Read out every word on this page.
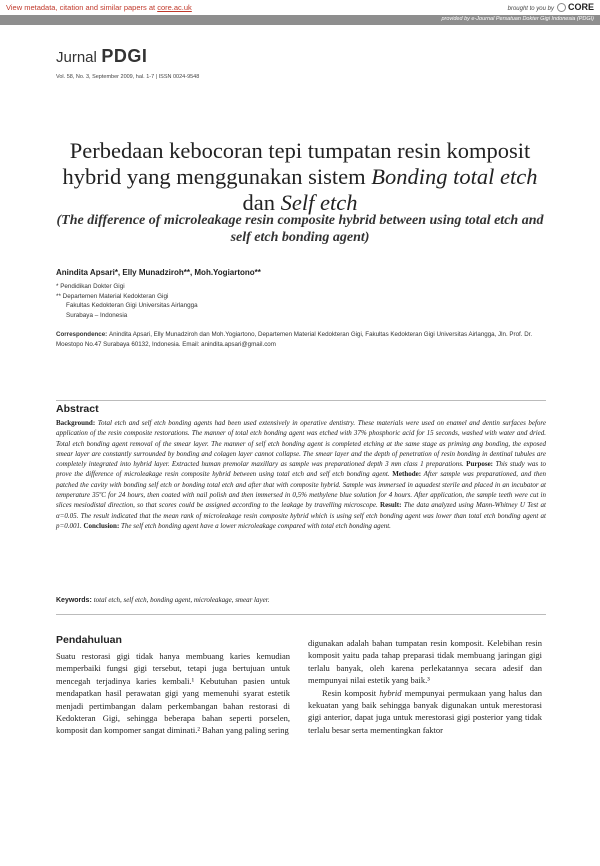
View metadata, citation and similar papers at core.ac.uk	brought to you by CORE
provided by e-Journal Persatuan Dokter Gigi Indonesia (PDGI)
Jurnal PDGI
Vol. 58, No. 3, September 2009, hal. 1-7 | ISSN 0024-9548
Perbedaan kebocoran tepi tumpatan resin komposit
hybrid yang menggunakan sistem Bonding total etch
dan Self etch
(The difference of microleakage resin composite hybrid between using total etch and self etch bonding agent)
Anindita Apsari*, Elly Munadziroh**, Moh.Yogiartono**
* Pendidikan Dokter Gigi
** Departemen Material Kedokteran Gigi
Fakultas Kedokteran Gigi Universitas Airlangga
Surabaya – Indonesia
Correspondence: Anindita Apsari, Elly Munadziroh dan Moh.Yogiartono, Departemen Material Kedokteran Gigi, Fakultas Kedokteran Gigi Universitas Airlangga, Jln. Prof. Dr. Moestopo No.47 Surabaya 60132, Indonesia. Email: anindita.apsari@gmail.com
Abstract
Background: Total etch and self etch bonding agents had been used extensively in operative dentistry. These materials were used on enamel and dentin surfaces before application of the resin composite restorations. The manner of total etch bonding agent was etched with 37% phosphoric acid for 15 seconds, washed with water and dried. Total etch bonding agent removal of the smear layer. The manner of self etch bonding agent is completed etching at the same stage as priming ang bonding, the exposed smear layer are constantly surrounded by bonding and colagen layer cannot collapse. The smear layer and the depth of penetration of resin bonding in dentinal tubules are completely integrated into hybrid layer. Extracted human premolar maxillary as sample was preparationed depth 3 mm class 1 preparations. Purpose: This study was to prove the difference of microleakage resin composite hybrid between using total etch and self etch bonding agent. Methode: After sample was preparationed, and then patched the cavity with bonding self etch or bonding total etch and after that with composite hybrid. Sample was immersed in aquadest sterile and placed in an incubator at temperature 35ºC for 24 hours, then coated with nail polish and then immersed in 0,5% methylene blue solution for 4 hours. After application, the sample teeth were cut in slices mesiodistal direction, so that scores could be assigned according to the leakage by travelling microscope. Result: The data analyzed using Mann-Whitney U Test at α=0.05. The result indicated that the mean rank of microleakage resin composite hybrid which is using self etch bonding agent was lower than total etch bonding agent at p=0.001. Conclusion: The self etch bonding agent have a lower microleakage compared with total etch bonding agent.
Keywords: total etch, self etch, bonding agent, microleakage, smear layer.
Pendahuluan

Suatu restorasi gigi tidak hanya membuang karies kemudian memperbaiki fungsi gigi tersebut, tetapi juga bertujuan untuk mencegah terjadinya karies kembali.¹ Kebutuhan pasien untuk mendapatkan hasil perawatan gigi yang memenuhi syarat estetik menjadi pertimbangan dalam perkembangan bahan restorasi di Kedokteran Gigi, sehingga beberapa bahan seperti porselen, komposit dan kompomer sangat diminati.² Bahan yang paling sering

digunakan adalah bahan tumpatan resin komposit. Kelebihan resin komposit yaitu pada tahap preparasi tidak membuang jaringan gigi terlalu banyak, oleh karena perlekatannya secara adesif dan mempunyai nilai estetik yang baik.³

Resin komposit hybrid mempunyai permukaan yang halus dan kekuatan yang baik sehingga banyak digunakan untuk merestorasi gigi anterior, dapat juga untuk merestorasi gigi posterior yang tidak terlalu besar serta mementingkan faktor
